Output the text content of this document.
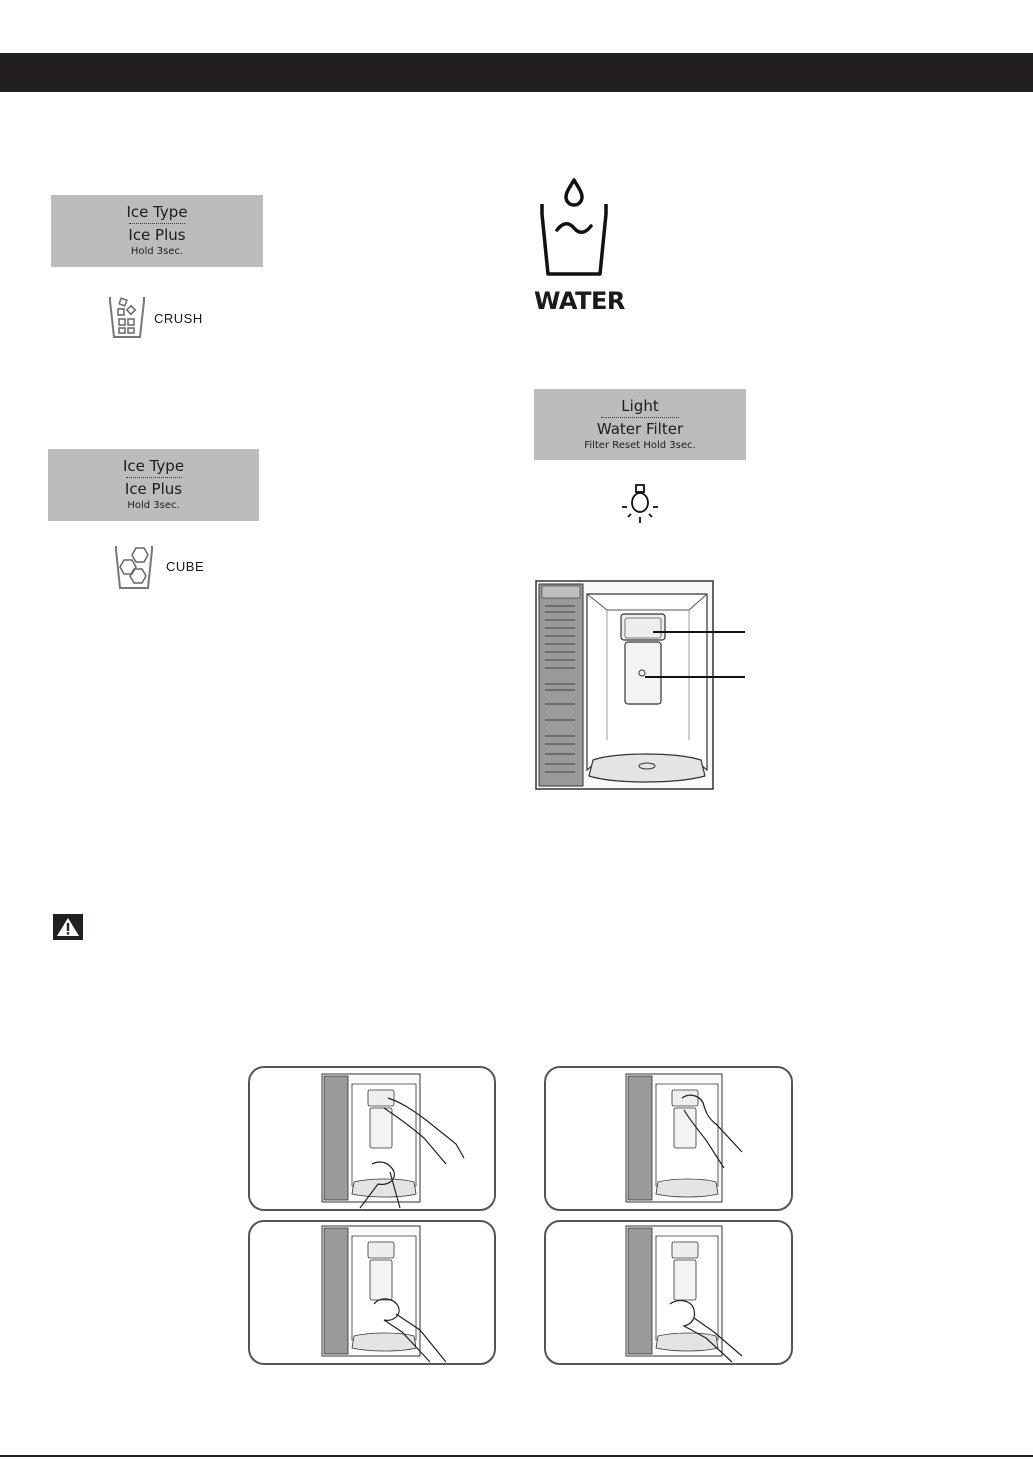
Ice Type
Ice Plus
Hold 3sec.
CRUSH
Ice Type
Ice Plus
Hold 3sec.
CUBE
WATER
Light
Water Filter
Filter Reset Hold 3sec.
